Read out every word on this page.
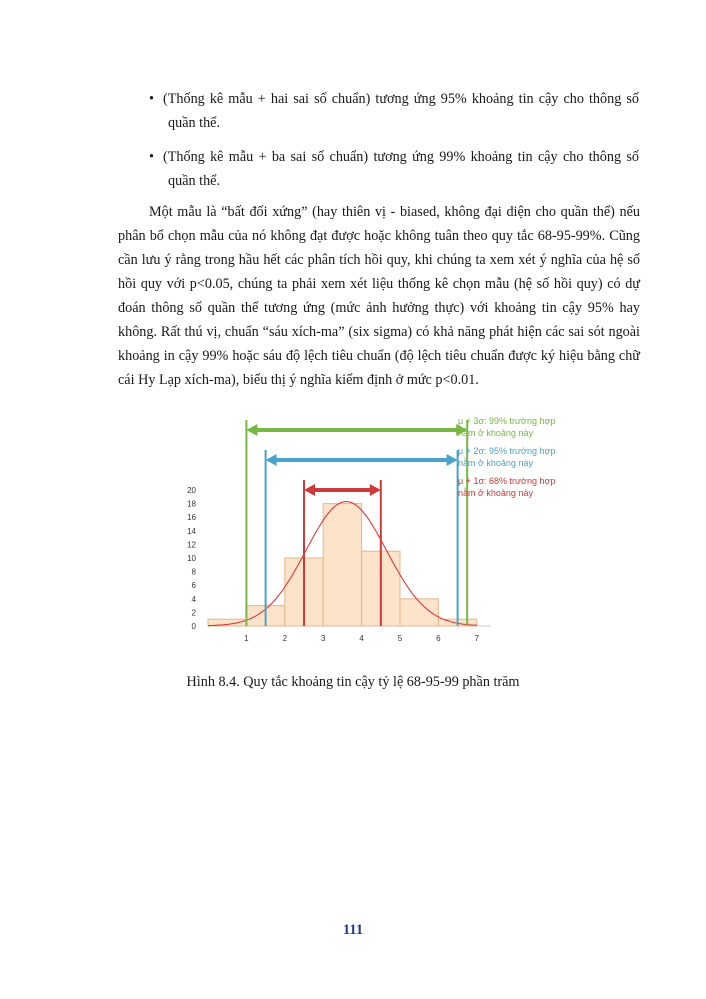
• (Thống kê mẫu + hai sai số chuẩn) tương ứng 95% khoảng tin cậy cho thông số
quần thể.
• (Thống kê mẫu + ba sai số chuẩn) tương ứng 99% khoảng tin cậy cho thông số
quần thể.
Một mẫu là “bất đối xứng” (hay thiên vị - biased, không đại diện cho quần thể) nếu
phân bổ chọn mẫu của nó không đạt được hoặc không tuân theo quy tắc 68-95-99%. Cũng
cần lưu ý rằng trong hầu hết các phân tích hồi quy, khi chúng ta xem xét ý nghĩa của hệ số
hồi quy với p<0.05, chúng ta phải xem xét liệu thống kê chọn mẫu (hệ số hồi quy) có dự
đoán thông số quần thể tương ứng (mức ảnh hưởng thực) với khoảng tin cậy 95% hay
không. Rất thú vị, chuẩn “sáu xích-ma” (six sigma) có khả năng phát hiện các sai sót ngoài
khoảng in cậy 99% hoặc sáu độ lệch tiêu chuẩn (độ lệch tiêu chuẩn được ký hiệu bằng chữ
cái Hy Lạp xích-ma), biểu thị ý nghĩa kiểm định ở mức p<0.01.
0
2
4
6
8
10
12
14
16
18
20
1	2	3	4	5	6	7
μ + 3σ: 99% trường hợp
nằm ở khoảng này
μ + 2σ: 95% trường hợp
nằm ở khoảng này
μ + 1σ: 68% trường hợp
nằm ở khoảng này
Hình 8.4. Quy tắc khoảng tin cậy tỷ lệ 68-95-99 phần trăm
111
